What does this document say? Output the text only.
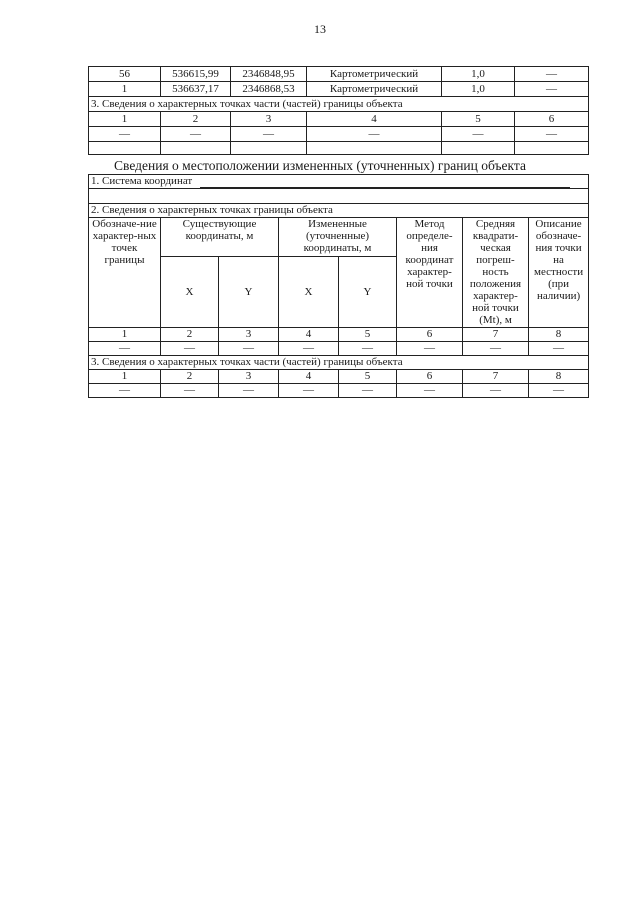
13
56	536615,99	2346848,95	Картометрический	1,0	—
1	536637,17	2346868,53	Картометрический	1,0	—
3. Сведения о характерных точках части (частей) границы объекта					
1	2	3	4	5	6
—	—	—	—	—	—

Сведения о местоположении измененных (уточненных) границ объекта
1. Система координат							

2. Сведения о характерных точках границы объекта							
Обозначе-ние характер-ных точек границы	Существующие координаты, м		Измененные (уточненные) координаты, м		Метод определе-ния координат характер-ной точки	Средняя квадрати-ческая погреш-ность положения характер-ной точки (Mt), м	Описание обозначе-ния точки на местности (при наличии)
	X	Y	X	Y			
1	2	3	4	5	6	7	8
—	—	—	—	—	—	—	—
3. Сведения о характерных точках части (частей) границы объекта							
1	2	3	4	5	6	7	8
—	—	—	—	—	—	—	—
